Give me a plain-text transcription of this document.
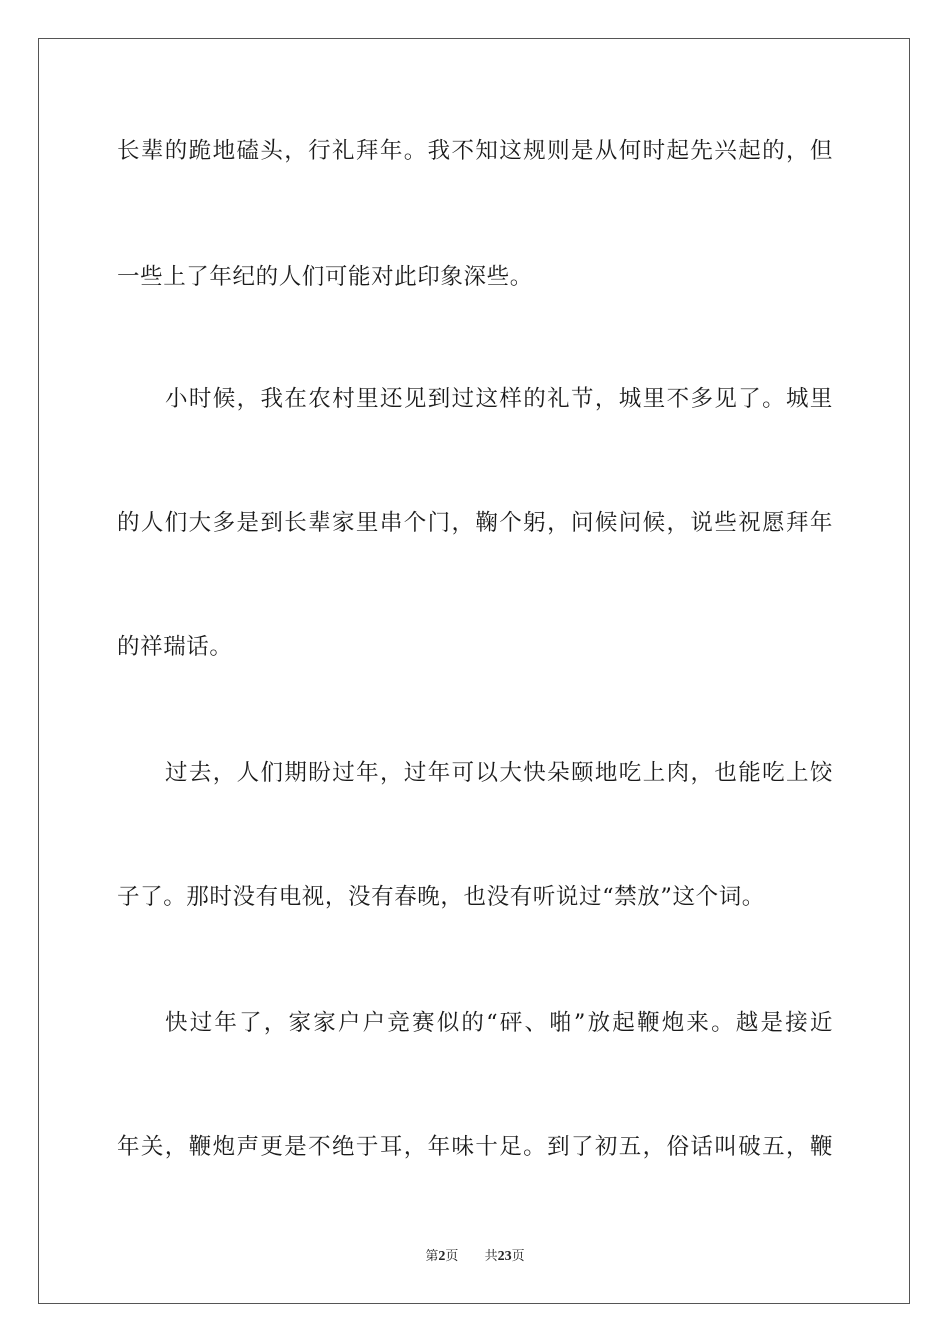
长辈的跪地磕头，行礼拜年。我不知这规则是从何时起先兴起的，但
一些上了年纪的人们可能对此印象深些。
小时候，我在农村里还见到过这样的礼节，城里不多见了。城里
的人们大多是到长辈家里串个门，鞠个躬，问候问候，说些祝愿拜年
的祥瑞话。
过去，人们期盼过年，过年可以大快朵颐地吃上肉，也能吃上饺
子了。那时没有电视，没有春晚，也没有听说过“禁放”这个词。
快过年了，家家户户竞赛似的“砰、啪”放起鞭炮来。越是接近
年关，鞭炮声更是不绝于耳，年味十足。到了初五，俗话叫破五，鞭
第2页 共23页
